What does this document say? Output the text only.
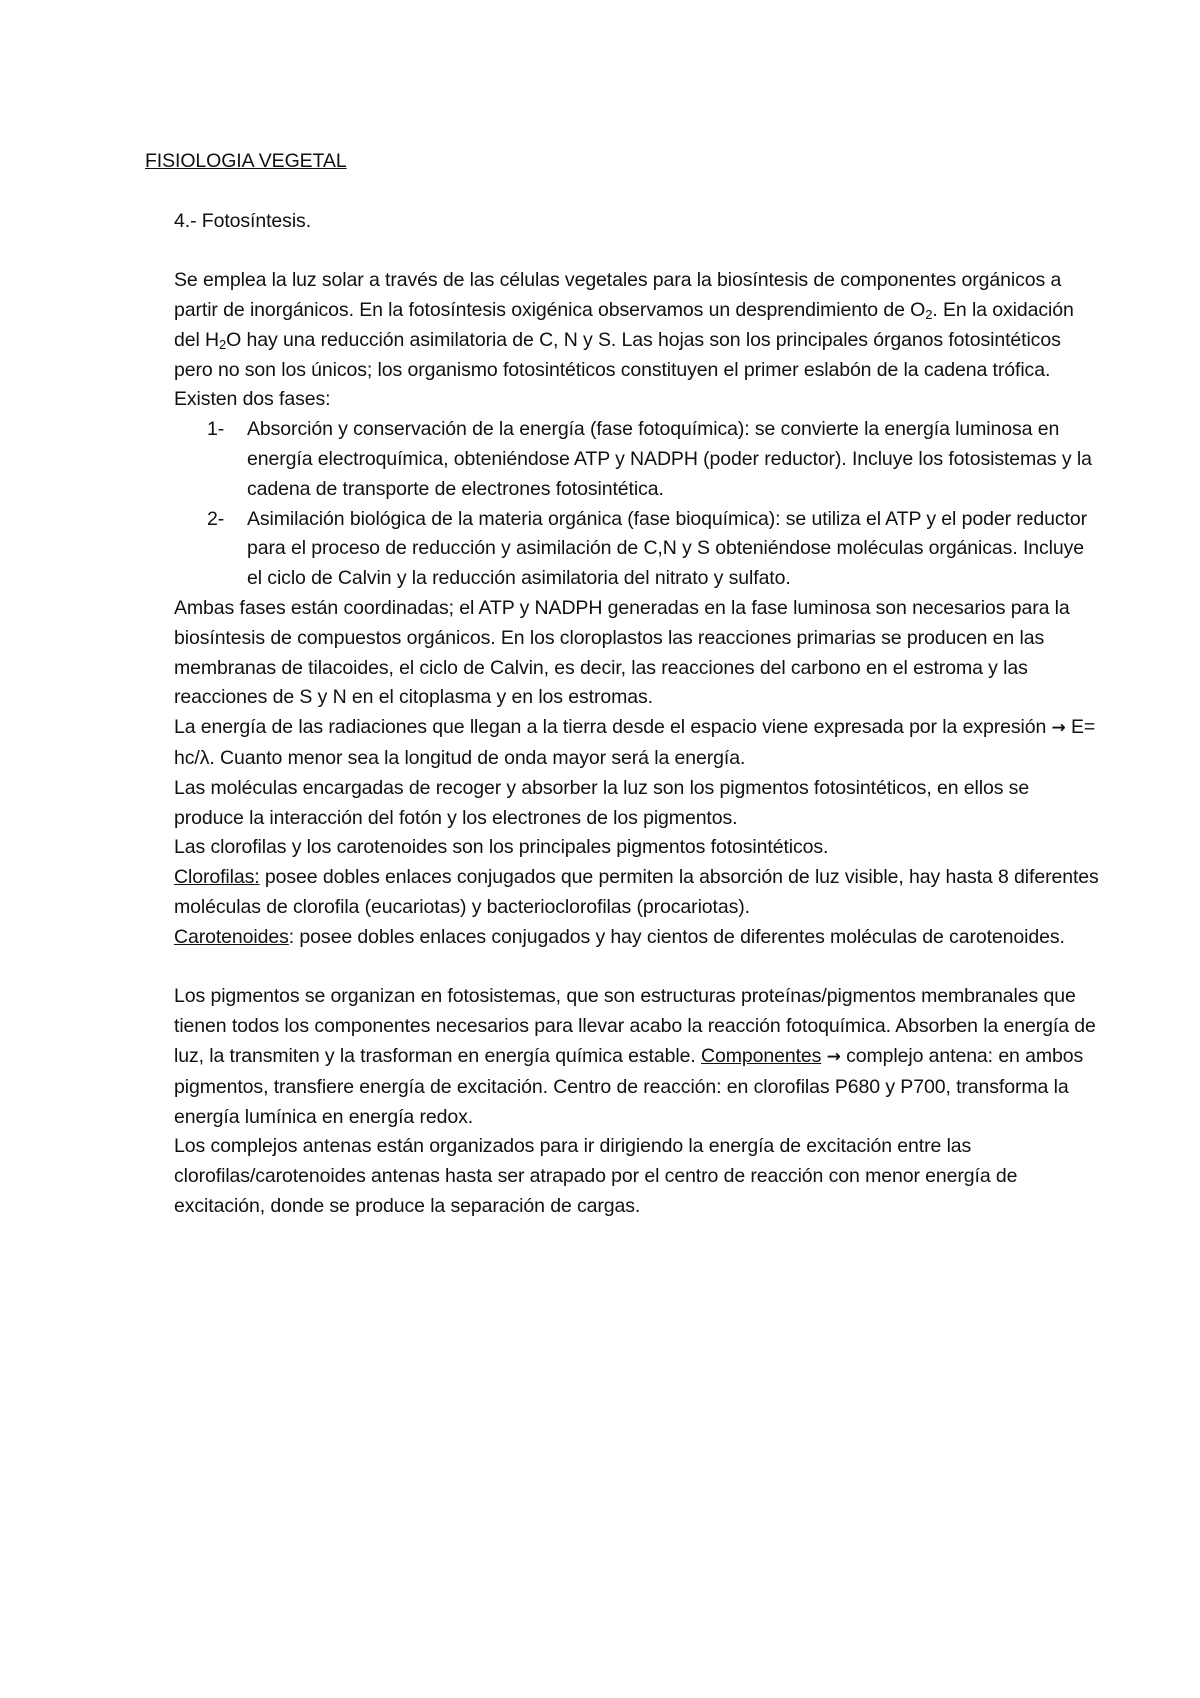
FISIOLOGIA VEGETAL

4.- Fotosíntesis.

Se emplea la luz solar a través de las células vegetales para la biosíntesis de componentes orgánicos a partir de inorgánicos. En la fotosíntesis oxigénica observamos un desprendimiento de $O_2$. En la oxidación del $H_2O$ hay una reducción asimilatoria de C, N y S. Las hojas son los principales órganos fotosintéticos pero no son los únicos; los organismo fotosintéticos constituyen el primer eslabón de la cadena trófica.

Existen dos fases:

1- Absorción y conservación de la energía (fase fotoquímica): se convierte la energía luminosa en energía electroquímica, obteniéndose ATP y NADPH (poder reductor). Incluye los fotosistemas y la cadena de transporte de electrones fotosintética.
2- Asimilación biológica de la materia orgánica (fase bioquímica): se utiliza el ATP y el poder reductor para el proceso de reducción y asimilación de C,N y S obteniéndose moléculas orgánicas. Incluye el ciclo de Calvin y la reducción asimilatoria del nitrato y sulfato.

Ambas fases están coordinadas; el ATP y NADPH generadas en la fase luminosa son necesarios para la biosíntesis de compuestos orgánicos. En los cloroplastos las reacciones primarias se producen en las membranas de tilacoides, el ciclo de Calvin, es decir, las reacciones del carbono en el estroma y las reacciones de S y N en el citoplasma y en los estromas.

La energía de las radiaciones que llegan a la tierra desde el espacio viene expresada por la expresión → E= hc/λ. Cuanto menor sea la longitud de onda mayor será la energía.

Las moléculas encargadas de recoger y absorber la luz son los pigmentos fotosintéticos, en ellos se produce la interacción del fotón y los electrones de los pigmentos.

Las clorofilas y los carotenoides son los principales pigmentos fotosintéticos.

Clorofilas: posee dobles enlaces conjugados que permiten la absorción de luz visible, hay hasta 8 diferentes moléculas de clorofila (eucariotas) y bacterioclorofilas (procariotas).

Carotenoides: posee dobles enlaces conjugados y hay cientos de diferentes moléculas de carotenoides.

Los pigmentos se organizan en fotosistemas, que son estructuras proteínas/pigmentos membranales que tienen todos los componentes necesarios para llevar acabo la reacción fotoquímica. Absorben la energía de luz, la transmiten y la trasforman en energía química estable. Componentes → complejo antena: en ambos pigmentos, transfiere energía de excitación. Centro de reacción: en clorofilas P680 y P700, transforma la energía lumínica en energía redox.

Los complejos antenas están organizados para ir dirigiendo la energía de excitación entre las clorofilas/carotenoides antenas hasta ser atrapado por el centro de reacción con menor energía de excitación, donde se produce la separación de cargas.
